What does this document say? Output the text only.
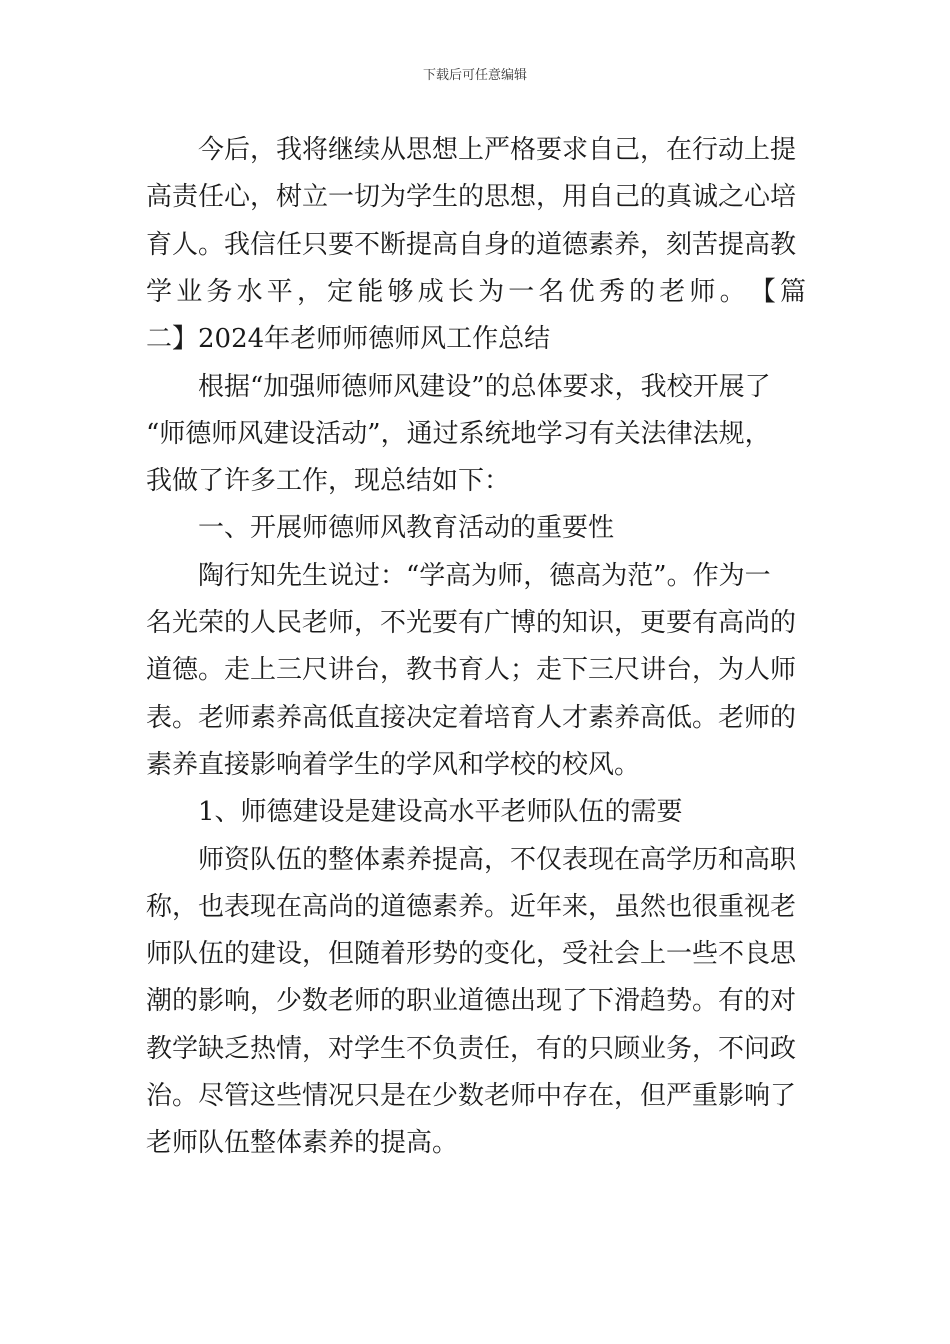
下载后可任意编辑
　　今后，我将继续从思想上严格要求自己，在行动上提
高责任心，树立一切为学生的思想，用自己的真诚之心培
育人。我信任只要不断提高自身的道德素养，刻苦提高教
学 业 务 水 平 ， 定 能 够 成 长 为 一 名 优 秀 的 老 师 。 【 篇
二】2024年老师师德师风工作总结
　　根据“加强师德师风建设”的总体要求，我校开展了
“师德师风建设活动”，通过系统地学习有关法律法规，
我做了许多工作，现总结如下：
　　一、开展师德师风教育活动的重要性
　　陶行知先生说过：“学高为师，德高为范”。作为一
名光荣的人民老师，不光要有广博的知识，更要有高尚的
道德。走上三尺讲台，教书育人；走下三尺讲台，为人师
表。老师素养高低直接决定着培育人才素养高低。老师的
素养直接影响着学生的学风和学校的校风。
　　1、师德建设是建设高水平老师队伍的需要
　　师资队伍的整体素养提高，不仅表现在高学历和高职
称，也表现在高尚的道德素养。近年来，虽然也很重视老
师队伍的建设，但随着形势的变化，受社会上一些不良思
潮的影响，少数老师的职业道德出现了下滑趋势。有的对
教学缺乏热情，对学生不负责任，有的只顾业务，不问政
治。尽管这些情况只是在少数老师中存在，但严重影响了
老师队伍整体素养的提高。
